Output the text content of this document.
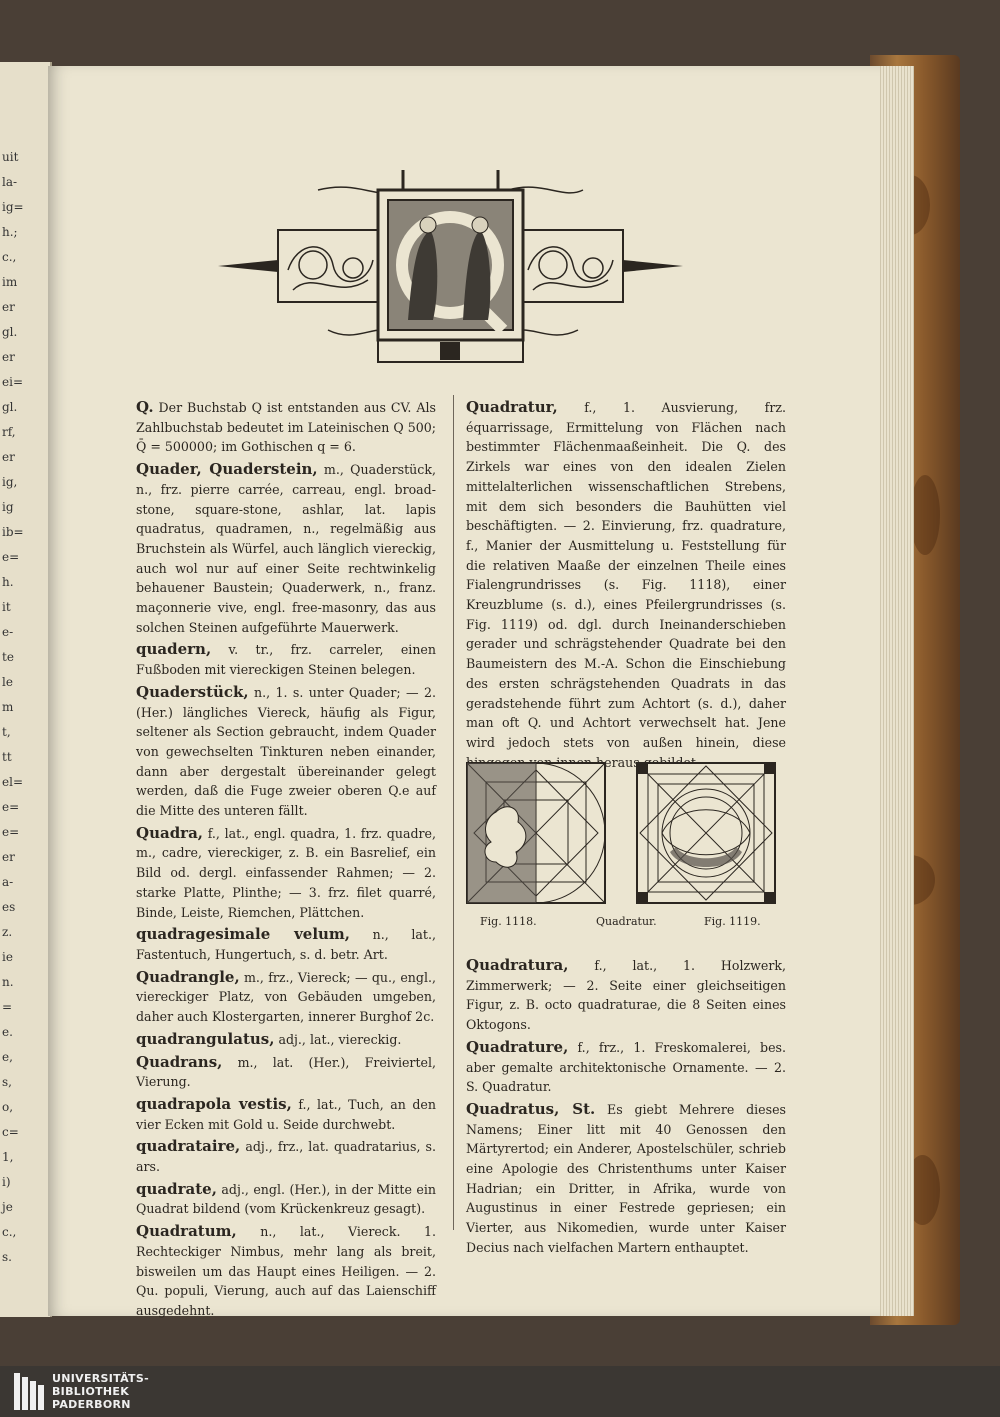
uit
la-
ig=
h.;
c.,
im
er
gl.
er
ei=
gl.
rf,
er
ig,
ig
ib=
e=
h.
it
e-
te
le
m
t,
tt
el=
e=
e=
er
a-
es
z.
ie
n.
=
e.
e,
s,
o,
c=
1,
i)
je
c.,
s.

Q. Der Buchstab Q ist entstanden aus CV. Als Zahlbuchstab bedeutet im Lateinischen Q 500; Q̄ = 500000; im Gothischen q = 6.

Quader, Quaderstein, m., Quaderstück, n., frz. pierre carrée, carreau, engl. broad-stone, square-stone, ashlar, lat. lapis quadratus, quadramen, n., regelmäßig aus Bruchstein als Würfel, auch länglich viereckig, auch wol nur auf einer Seite rechtwinkelig behauener Baustein; Quaderwerk, n., franz. maçonnerie vive, engl. free-masonry, das aus solchen Steinen aufgeführte Mauerwerk.

quadern, v. tr., frz. carreler, einen Fußboden mit viereckigen Steinen belegen.

Quaderstück, n., 1. s. unter Quader; — 2. (Her.) längliches Viereck, häufig als Figur, seltener als Section gebraucht, indem Quader von gewechselten Tinkturen neben einander, dann aber dergestalt übereinander gelegt werden, daß die Fuge zweier oberen Q.e auf die Mitte des unteren fällt.

Quadra, f., lat., engl. quadra, 1. frz. quadre, m., cadre, viereckiger, z. B. ein Basrelief, ein Bild od. dergl. einfassender Rahmen; — 2. starke Platte, Plinthe; — 3. frz. filet quarré, Binde, Leiste, Riemchen, Plättchen.

quadragesimale velum, n., lat., Fastentuch, Hungertuch, s. d. betr. Art.

Quadrangle, m., frz., Viereck; — qu., engl., viereckiger Platz, von Gebäuden umgeben, daher auch Klostergarten, innerer Burghof 2c.

quadrangulatus, adj., lat., viereckig.

Quadrans, m., lat. (Her.), Freiviertel, Vierung.

quadrapola vestis, f., lat., Tuch, an den vier Ecken mit Gold u. Seide durchwebt.

quadrataire, adj., frz., lat. quadratarius, s. ars.

quadrate, adj., engl. (Her.), in der Mitte ein Quadrat bildend (vom Krückenkreuz gesagt).

Quadratum, n., lat., Viereck. 1. Rechteckiger Nimbus, mehr lang als breit, bisweilen um das Haupt eines Heiligen. — 2. Qu. populi, Vierung, auch auf das Laienschiff ausgedehnt.

Quadratur, f., 1. Ausvierung, frz. équarrissage, Ermittelung von Flächen nach bestimmter Flächenmaaßeinheit. Die Q. des Zirkels war eines von den idealen Zielen mittelalterlichen wissenschaftlichen Strebens, mit dem sich besonders die Bauhütten viel beschäftigten. — 2. Einvierung, frz. quadrature, f., Manier der Ausmittelung u. Feststellung für die relativen Maaße der einzelnen Theile eines Fialengrundrisses (s. Fig. 1118), einer Kreuzblume (s. d.), eines Pfeilergrundrisses (s. Fig. 1119) od. dgl. durch Ineinanderschieben gerader und schrägstehender Quadrate bei den Baumeistern des M.-A. Schon die Einschiebung des ersten schrägstehenden Quadrats in das geradstehende führt zum Achtort (s. d.), daher man oft Q. und Achtort verwechselt hat. Jene wird jedoch stets von außen hinein, diese heraus

Fig. 1118.	Quadratur.	Fig. 1119.

Quadratura, f., lat., 1. Holzwerk, Zimmerwerk; — 2. Seite einer gleichseitigen Figur, z. B. octo quadraturae, die 8 Seiten eines Oktogons.

Quadrature, f., frz., 1. Freskomalerei, bes. aber gemalte architektonische Ornamente. — 2. S. Quadratur.

Quadratus, St. Es giebt Mehrere dieses Namens; Einer litt mit 40 Genossen den Märtyrertod; ein Anderer, Apostelschüler, schrieb eine Apologie des Christenthums unter Kaiser Hadrian; ein Dritter, in Afrika, wurde von Augustinus in einer Festrede gepriesen; ein Vierter, aus Nikomedien, wurde unter Kaiser Decius nach vielfachen Martern enthauptet.

UNIVERSITÄTS-
BIBLIOTHEK
PADERBORN
